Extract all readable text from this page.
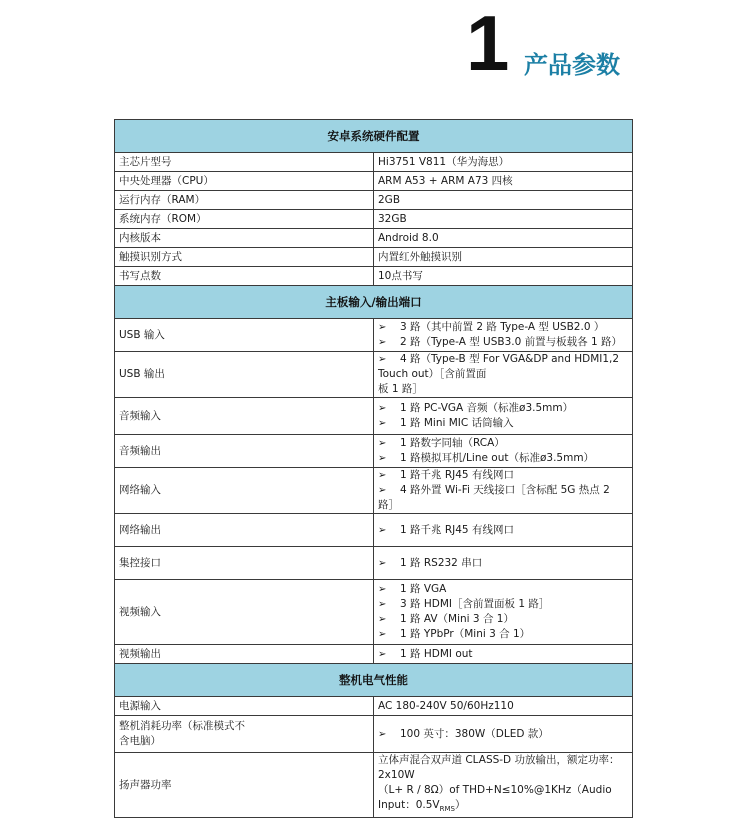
1 产品参数
安卓系统硬件配置	
主芯片型号	Hi3751 V811（华为海思）
中央处理器（CPU）	ARM A53 + ARM A73 四核
运行内存（RAM）	2GB
系统内存（ROM）	32GB
内核版本	Android 8.0
触摸识别方式	内置红外触摸识别
书写点数	10点书写
主板输入/输出端口	
USB 输入	➢ 3 路（其中前置 2 路 Type-A 型 USB2.0 ）
➢ 2 路（Type-A 型 USB3.0 前置与板载各 1 路）

USB 输出	➢ 4 路（Type-B 型 For VGA&DP and HDMI1,2 Touch out）［含前置面
板 1 路］

音频输入	➢ 1 路 PC-VGA 音频（标准ø3.5mm）
➢ 1 路 Mini MIC 话筒输入

音频输出	➢ 1 路数字同轴（RCA）
➢ 1 路模拟耳机/Line out（标准ø3.5mm）

网络输入	➢ 1 路千兆 RJ45 有线网口
➢ 4 路外置 Wi-Fi 天线接口［含标配 5G 热点 2 路］

网络输出	➢ 1 路千兆 RJ45 有线网口

集控接口	➢ 1 路 RS232 串口

视频输入	➢ 1 路 VGA
➢ 3 路 HDMI［含前置面板 1 路］
➢ 1 路 AV（Mini 3 合 1）
➢ 1 路 YPbPr（Mini 3 合 1）

视频输出	➢ 1 路 HDMI out

整机电气性能	
电源输入	AC 180-240V 50/60Hz110

整机消耗功率（标准模式不
含电脑）	➢ 100 英寸：380W（DLED 款）

扬声器功率	立体声混合双声道 CLASS-D 功放输出，额定功率：2x10W
（L+ R / 8Ω）of THD+N≤10%@1KHz（Audio Input：$0.5V_{RMS}$）
